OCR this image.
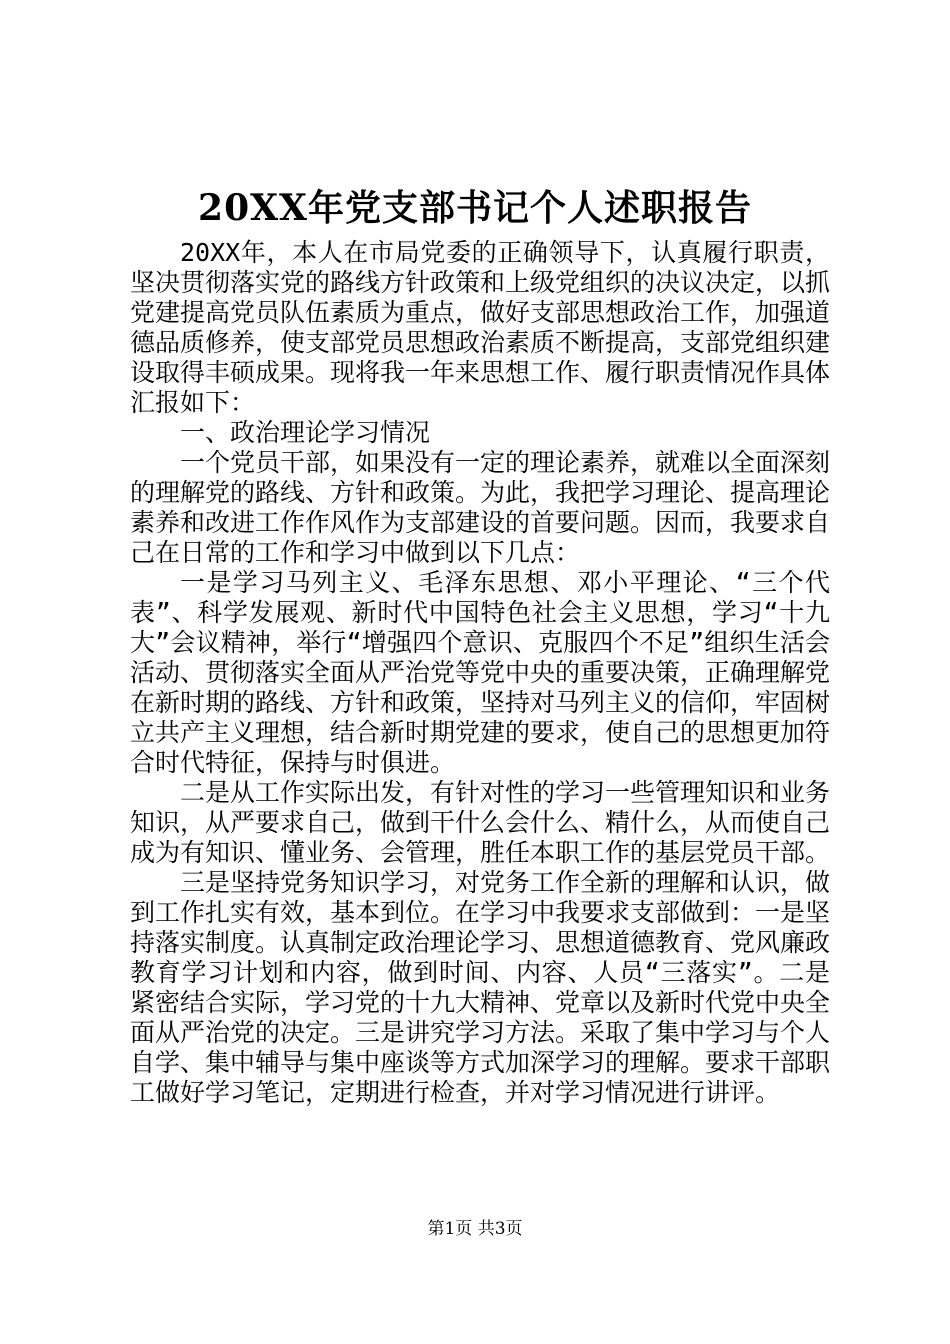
20XX年党支部书记个人述职报告

20XX年，本人在市局党委的正确领导下，认真履行职责，坚决贯彻落实党的路线方针政策和上级党组织的决议决定，以抓党建提高党员队伍素质为重点，做好支部思想政治工作，加强道德品质修养，使支部党员思想政治素质不断提高，支部党组织建设取得丰硕成果。现将我一年来思想工作、履行职责情况作具体汇报如下：

一、政治理论学习情况

一个党员干部，如果没有一定的理论素养，就难以全面深刻的理解党的路线、方针和政策。为此，我把学习理论、提高理论素养和改进工作作风作为支部建设的首要问题。因而，我要求自己在日常的工作和学习中做到以下几点：

一是学习马列主义、毛泽东思想、邓小平理论、“三个代表”、科学发展观、新时代中国特色社会主义思想，学习“十九大”会议精神，举行“增强四个意识、克服四个不足”组织生活会活动、贯彻落实全面从严治党等党中央的重要决策，正确理解党在新时期的路线、方针和政策，坚持对马列主义的信仰，牢固树立共产主义理想，结合新时期党建的要求，使自己的思想更加符合时代特征，保持与时俱进。

二是从工作实际出发，有针对性的学习一些管理知识和业务知识，从严要求自己，做到干什么会什么、精什么，从而使自己成为有知识、懂业务、会管理，胜任本职工作的基层党员干部。

三是坚持党务知识学习，对党务工作全新的理解和认识，做到工作扎实有效，基本到位。在学习中我要求支部做到：一是坚持落实制度。认真制定政治理论学习、思想道德教育、党风廉政教育学习计划和内容，做到时间、内容、人员“三落实”。二是紧密结合实际，学习党的十九大精神、党章以及新时代党中央全面从严治党的决定。三是讲究学习方法。采取了集中学习与个人自学、集中辅导与集中座谈等方式加深学习的理解。要求干部职工做好学习笔记，定期进行检查，并对学习情况进行讲评。

第1页 共3页
